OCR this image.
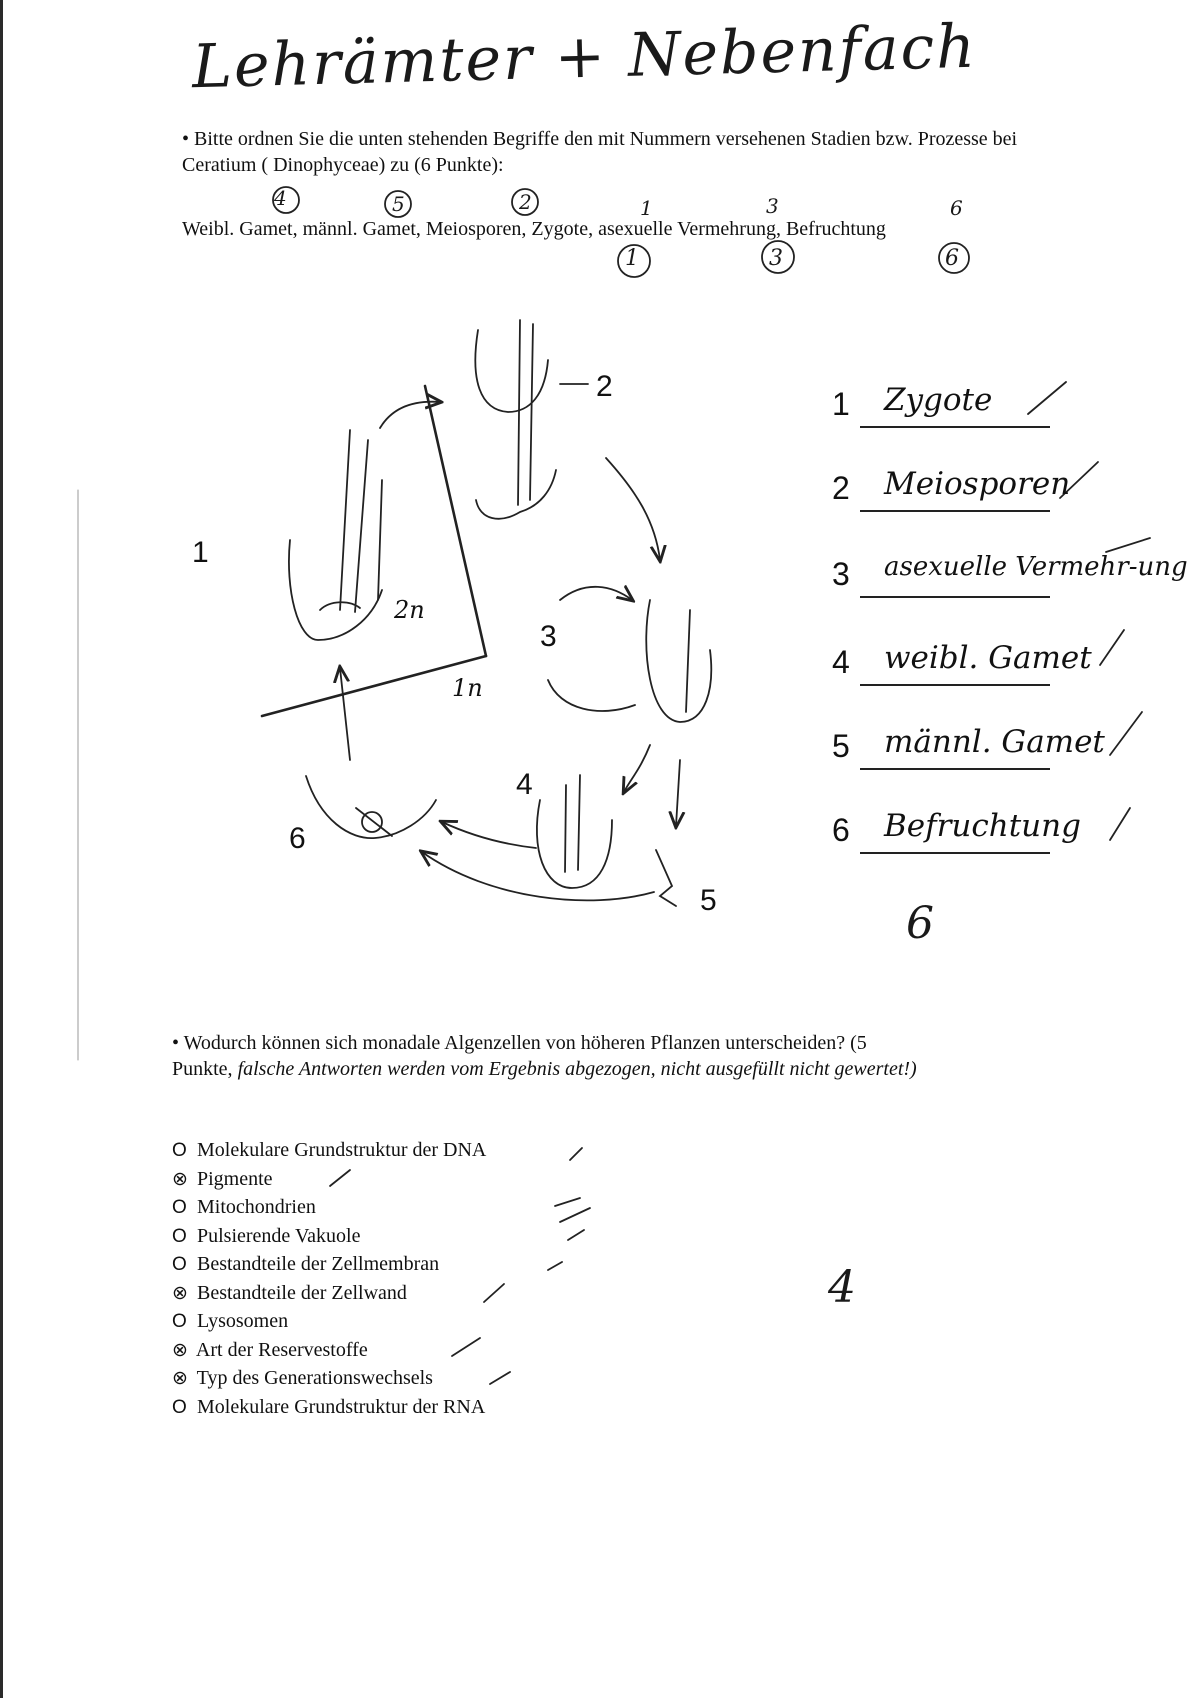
Lehrämter + Nebenfach
• Bitte ordnen Sie die unten stehenden Begriffe den mit Nummern versehenen Stadien bzw. Prozesse bei Ceratium ( Dinophyceae) zu (6 Punkte):
4	5	2	1	3	6
Weibl. Gamet, männl. Gamet, Meiosporen, Zygote, asexuelle Vermehrung, Befruchtung
1	3	6
1
2
3
4
5
6
2n
1n
1 Zygote
2 Meiosporen
3 asexuelle Vermehr-ung
4 weibl. Gamet
5 männl. Gamet
6 Befruchtung
6
• Wodurch können sich monadale Algenzellen von höheren Pflanzen unterscheiden? (5
Punkte, falsche Antworten werden vom Ergebnis abgezogen, nicht ausgefüllt nicht gewertet!)
O Molekulare Grundstruktur der DNA
⊗ Pigmente
O Mitochondrien
O Pulsierende Vakuole
O Bestandteile der Zellmembran
⊗ Bestandteile der Zellwand
O Lysosomen
⊗ Art der Reservestoffe
⊗ Typ des Generationswechsels
O Molekulare Grundstruktur der RNA
4
